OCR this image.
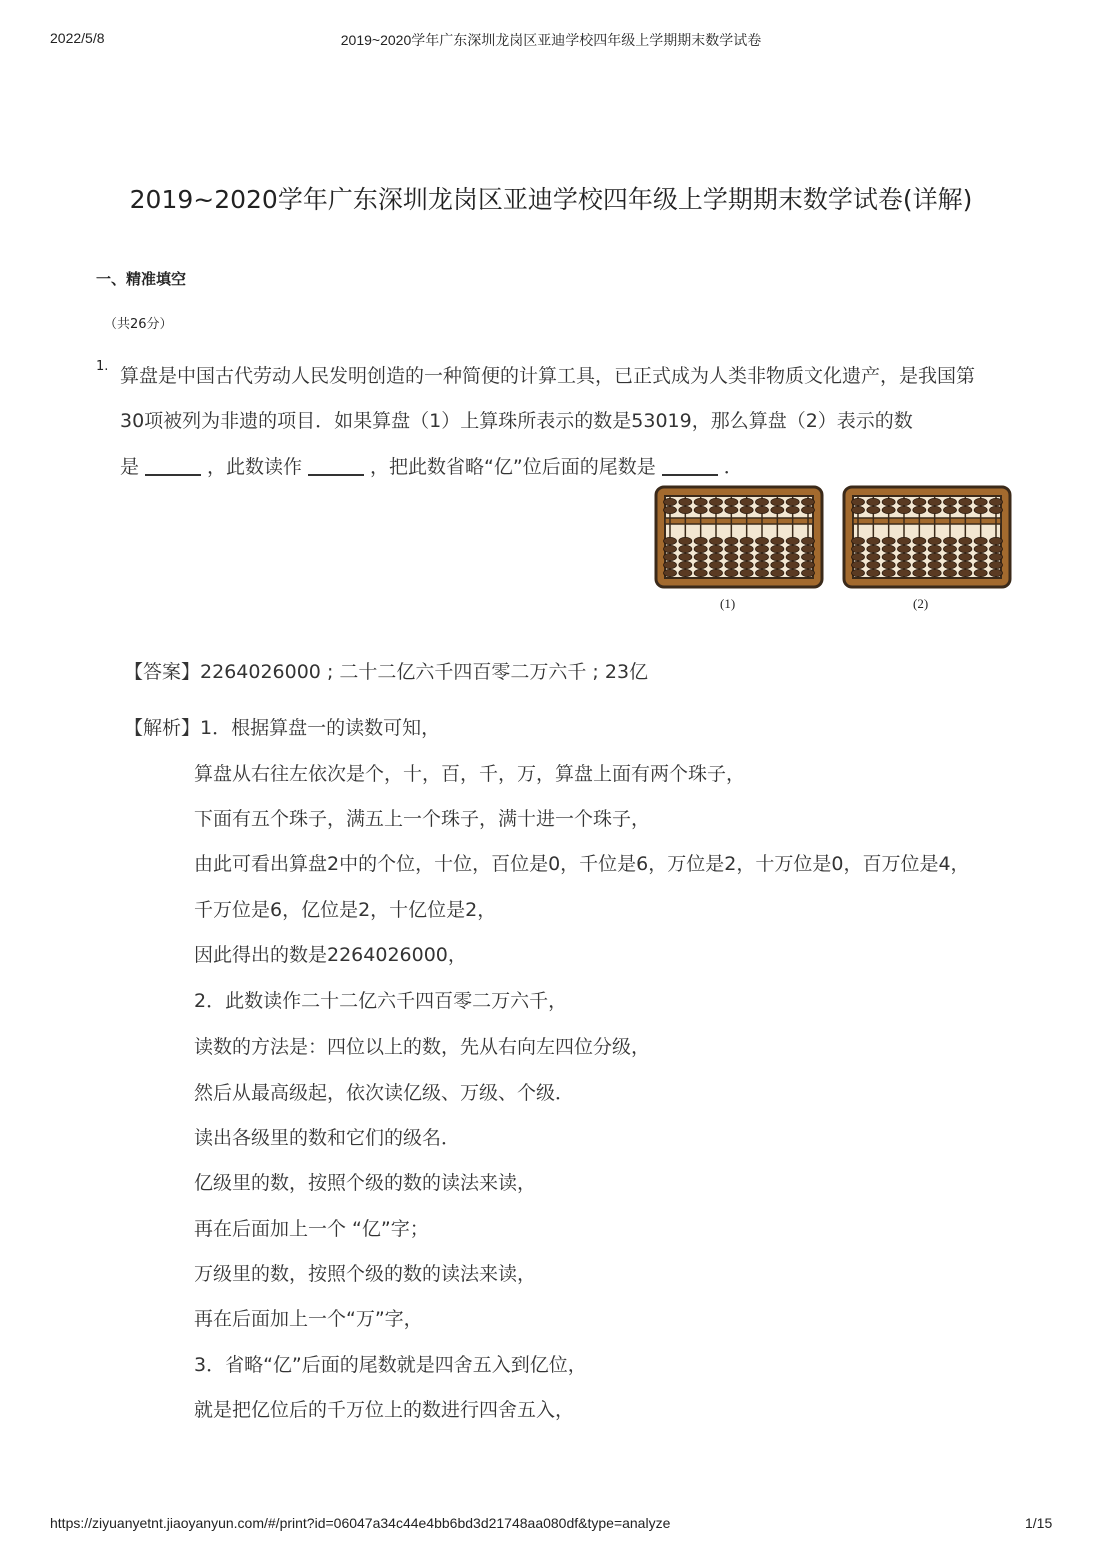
2022/5/8	2019~2020学年广东深圳龙岗区亚迪学校四年级上学期期末数学试卷
2019~2020学年广东深圳龙岗区亚迪学校四年级上学期期末数学试卷(详解)
一、精准填空
（共26分）
1. 算盘是中国古代劳动人民发明创造的一种简便的计算工具，已正式成为人类非物质文化遗产，是我国第
30项被列为非遗的项目．如果算盘（1）上算珠所表示的数是53019，那么算盘（2）表示的数
是	，此数读作	，把此数省略“亿”位后面的尾数是	．
(1)	(2)
【答案】2264026000 ; 二十二亿六千四百零二万六千 ; 23亿
【解析】1．根据算盘一的读数可知，
算盘从右往左依次是个，十，百，千，万，算盘上面有两个珠子，
下面有五个珠子，满五上一个珠子，满十进一个珠子，
由此可看出算盘2中的个位，十位，百位是0，千位是6，万位是2，十万位是0，百万位是4，
千万位是6，亿位是2，十亿位是2，
因此得出的数是2264026000，
2．此数读作二十二亿六千四百零二万六千，
读数的方法是：四位以上的数，先从右向左四位分级，
然后从最高级起，依次读亿级、万级、个级．
读出各级里的数和它们的级名．
亿级里的数，按照个级的数的读法来读，
再在后面加上一个 “亿”字；
万级里的数，按照个级的数的读法来读，
再在后面加上一个“万”字，
3．省略“亿”后面的尾数就是四舍五入到亿位，
就是把亿位后的千万位上的数进行四舍五入，
https://ziyuanyetnt.jiaoyanyun.com/#/print?id=06047a34c44e4bb6bd3d21748aa080df&type=analyze	1/15
